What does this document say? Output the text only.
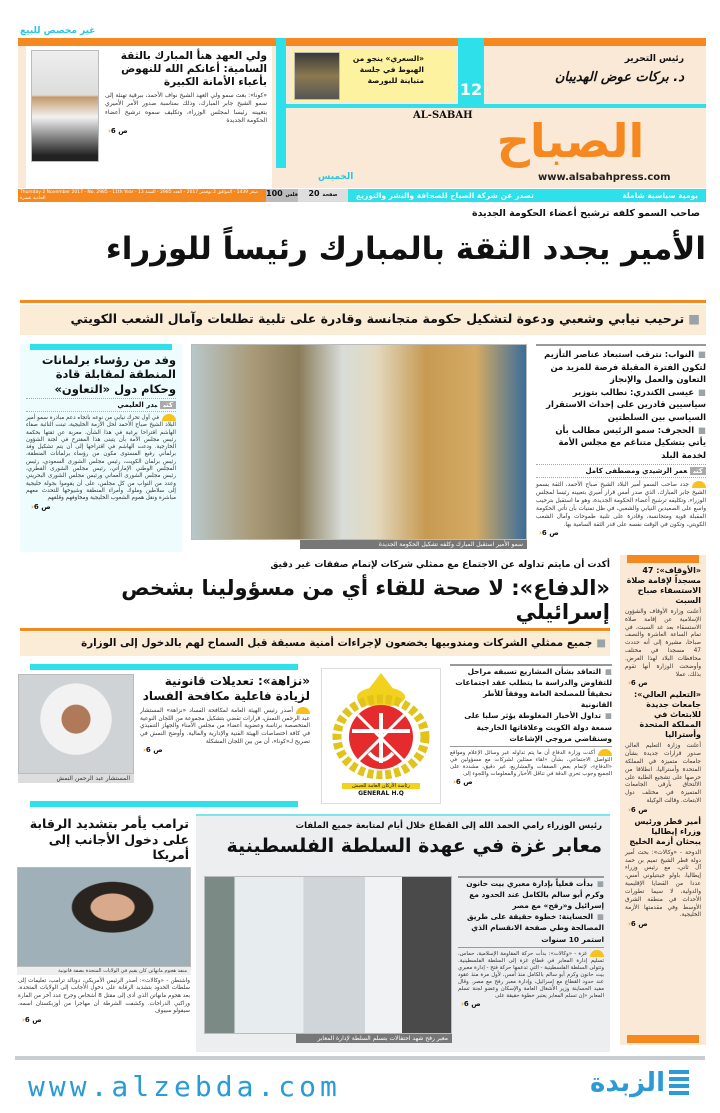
غير مخصص للبيع
ولي العهد هنأ المبارك بالثقة السامية: أعانكم الله للنهوض بأعباء الأمانة الكبيرة
«كونا»: بعث سمو ولي العهد الشيخ نواف الأحمد، ببرقية تهنئة إلى سمو الشيخ جابر المبارك، وذلك بمناسبة صدور الأمر الأميري بتعيينه رئيسا لمجلس الوزراء، وتكليف سموه ترشيح أعضاء الحكومة الجديدة
ص 6‹
«السعري» ينجو من الهبوط في جلسة متباينة للبورصة 12
رئيس التحرير
د. بركات عوض الهديبان
AL-SABAH الصباح
www.alsabahpress.com
الخميس
Thursday 2 November 2017 - No. 2985 - 11th Year - 13 صفر 1439 - الموافق 2 نوفمبر 2017 - العدد 2985 - السنة الحادية عشرة	100 فلس	20 صفحة	يومية سياسية شاملة
تصدر عن شركة الصباح للصحافة والنشر والتوزيع
صاحب السمو كلفه ترشيح أعضاء الحكومة الجديدة
الأمير يجدد الثقة بالمبارك رئيساً للوزراء
■ترحيب نيابي وشعبي ودعوة لتشكيل حكومة متجانسة وقادرة على تلبية تطلعات وآمال الشعب الكويتي
وفد من رؤساء برلمانات المنطقة لمقابلة قادة وحكام دول «التعاون»
كتببدر العليمي
في أول تحرك نيابي من نوعه باتجاه دعم مبادرة سمو أمير البلاد الشيخ صباح الأحمد لحل الأزمة الخليجية، تبنت النائبة صفاء الهاشم اقتراحا برغبة في هذا الشأن، معربة عن ثقتها بحكمة رئيس مجلس الأمة بأن يتبنى هذا المقترح في لجنة الشؤون الخارجية. ودعت الهاشم في اقتراحها إلى أن يتم تشكيل وفد برلماني رفيع المستوى مكون من رؤساء برلمانات المنطقة، رئيس برلمان الكويت، رئيس مجلس الشورى السعودي، رئيس المجلس الوطني الإماراتي، رئيس مجلس الشورى القطري، رئيس مجلس الشورى العماني ورئيس مجلس الشورى البحريني وعدد من النواب من كل مجلس، على أن يقوموا بجولة خليجية إلى سلاطين وملوك وأمراء المنطقة وشيوخها للتحدث معهم مباشرة ونقل هموم الشعوب الخليجية ومخاوفهم وقلقهم
ص 6‹
سمو الأمير استقبل المبارك وكلفه تشكيل الحكومة الجديدة
■النواب: نترقب استبعاد عناصر التأزيم لتكون الفترة المقبلة فرصة للمزيد من التعاون والعمل والإنجاز
■عيسى الكندري: نطالب بتوزير سياسيين قادرين على إحداث الاستقرار السياسي بين السلطتين
■الحجرف: سمو الرئيس مطالب بأن يأتي بتشكيل متناغم مع مجلس الأمة لخدمة البلد
كتبعمر الرشيدي ومصطفى كامل
جدد صاحب السمو أمير البلاد الشيخ صباح الأحمد، الثقة بسمو الشيخ جابر المبارك، الذي صدر أمس قرار أميري بتعيينه رئيسا لمجلس الوزراء، وتكليفه ترشيح أعضاء الحكومة الجديدة، وهو ما استقبل بترحيب واسع على الصعيدين النيابي والشعبي، في ظل تمنيات بأن تأتي الحكومة المقبلة قوية ومتجانسة، وقادرة على تلبية طموحات وآمال الشعب الكويتي، وتكون في الوقت نفسه على قدر الثقة السامية بها.
ص 6‹
أكدت أن مايتم تداوله عن الاجتماع مع ممثلي شركات لإتمام صفقات غير دقيق
«الدفاع»: لا صحة للقاء أي من مسؤولينا بشخص إسرائيلي
■جميع ممثلي الشركات ومندوبيها يخضعون لإجراءات أمنية مسبقة قبل السماح لهم بالدخول إلى الوزارة
المستشار عبد الرحمن النمش
«نزاهة»: تعديلات قانونية لزيادة فاعلية مكافحة الفساد
أصدر رئيس الهيئة العامة لمكافحة الفساد «نزاهة» المستشار عبد الرحمن النمش، قرارات تقضي بتشكيل مجموعة من اللجان النوعية المتخصصة برئاسة وعضوية أعضاء من مجلس الأمناء والجهاز التنفيذي في كافة اختصاصات الهيئة الفنية والإدارية والمالية. وأوضح النمش في تصريح لـ«كونا»، أن من بين اللجان المشكلة
ص 6‹
رئاسة الأركان العامة للجيش
GENERAL H.Q
■التعاقد بشأن المشاريع تسبقه مراحل للتفاوض والدراسة ما يتطلب عقد اجتماعات تحقيقاً للمصلحة العامة ووفقاً للأطر القانونية
■تداول الأخبار المغلوطة يؤثر سلبا على سمعة دولة الكويت وعلاقاتها الخارجية وسنقاضي مروجي الإشاعات
أكدت وزارة الدفاع أن ما يتم تداوله عبر وسائل الإعلام ومواقع التواصل الاجتماعي، بشأن «لقاء ممثلين لشركات مع مسؤولين في «الدفاع»، لإتمام بعض الصفقات والمشاريع، غير دقيق، مشددة على الجميع وجوب تحري الدقة في تناقل الأخبار والمعلومات واللجوء إلى
ص 6‹
«الأوقاف»: 47 مسجداً لإقامة صلاة الاستسقاء صباح السبت
أعلنت وزارة الأوقاف والشؤون الإسلامية عن إقامة صلاة الاستسقاء بعد غد السبت، في تمام الساعة العاشرة والنصف صباحا، مشيرة إلى أنه حددت 47 مسجدا في مختلف محافظات البلاد لهذا الغرض. وأوضحت الوزارة أنها تقوم بذلك، عملا
ص 6‹
«التعليم العالي»: جامعات جديدة للابتعاث في المملكة المتحدة وأستراليا
أعلنت وزارة التعليم العالي صدور قرارات جديدة بشأن جامعات متميزة في المملكة المتحدة وأستراليا، انطلاقا من حرصها على تشجيع الطلبة على الالتحاق بأرقى الجامعات المتميزة في مختلف دول الابتعاث. وقالت الوكيلة
ص 6‹
أمير قطر ورئيس وزراء إيطاليا يبحثان أزمة الخليج
الدوحة - «وكالات»: بحث أمير دولة قطر الشيخ تميم بن حمد آل ثاني، مع رئيس وزراء إيطاليا، باولو جينتيلوني أمس، عددا من القضايا الإقليمية والدولية، لا سيما تطورات الأحداث في منطقة الشرق الأوسط وفي مقدمتها الأزمة الخليجية.
ص 6‹
ترامب يأمر بتشديد الرقابة على دخول الأجانب إلى أمريكا
منفذ هجوم مانهاتن كان يقيم في الولايات المتحدة بصفة قانونية
واشنطن - «وكالات»: أصدر الرئيس الأمريكي، دونالد ترامب، تعليمات إلى سلطات الحدود بتشديد الرقابة على دخول الأجانب إلى الولايات المتحدة، بعد هجوم مانهاتن الذي أدى إلى مقتل 8 أشخاص وجرح عدد آخر من المارة وراكبي الدراجات. وكشفت الشرطة أن مهاجرا من أوزبكستان اسمه، سيفولو سيبوف
ص 6‹
رئيس الوزراء رامي الحمد الله إلى القطاع خلال أيام لمتابعة جميع الملفات
معابر غزة في عهدة السلطة الفلسطينية
معبر رفح شهد احتفالات بتسلم السلطة لإدارة المعابر
■بدأت فعلياً بإدارة معبري بيت حانون وكرم أبو سالم بالكامل عند الحدود مع إسرائيل و«رفح» مع مصر
■الحساينة: خطوة حقيقة على طريق المصالحة وطي صفحة الانقسام الذي استمر 10 سنوات
غزة - «وكالات»: بدأت حركة المقاومة الإسلامية، حماس، تسليم إدارة المعابر في قطاع غزة إلى السلطة الفلسطينية. وتتولى السلطة الفلسطينية - التي تدعمها حركة فتح - إدارة معبري بيت حانون وكرم أبو سالم بالكامل منذ أمس، لأول مرة منذ عقود عند حدود القطاع مع إسرائيل، وإدارة معبر رفح مع مصر. وقال مفيد الحساينة وزير الأشغال العامة والإسكان وعضو لجنة تسلم المعابر «إن تسلم المعابر يعتبر خطوة حقيقة على
ص 6‹
www.alzebda.com	الزبدة
